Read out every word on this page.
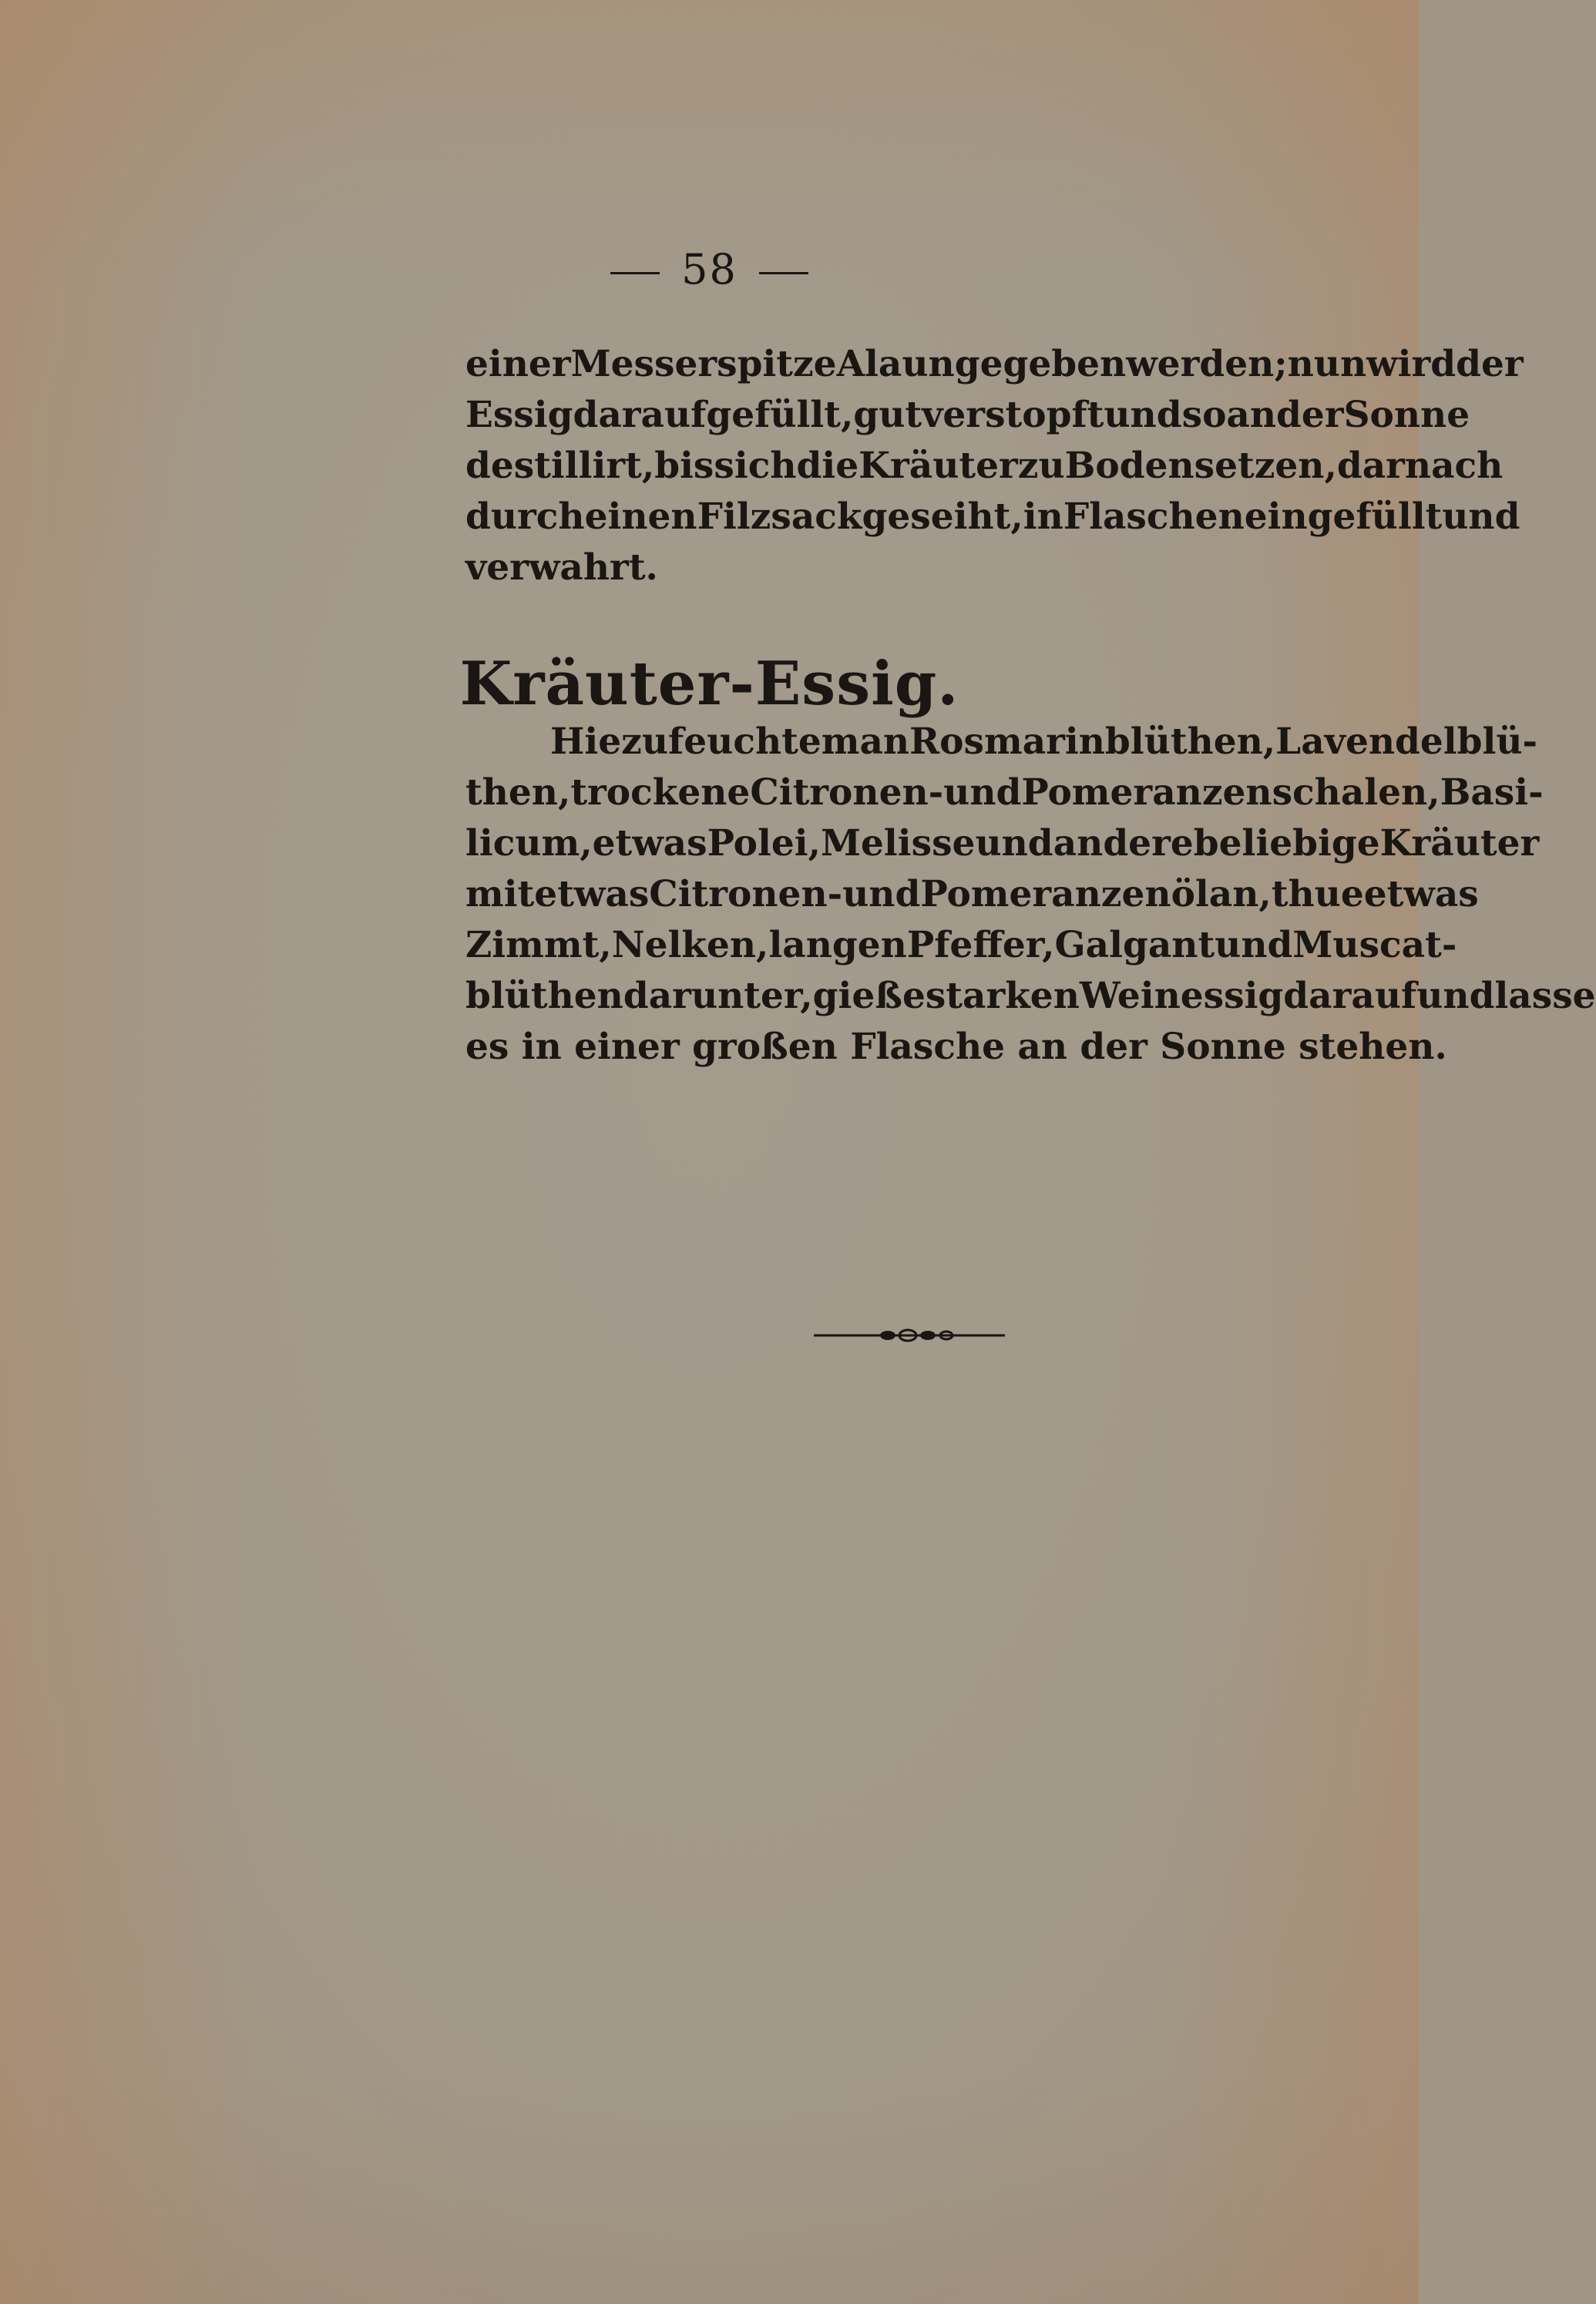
58
einer Messerspitze Alaun gegeben werden; nun wird der
Essig daraufgefüllt, gut verstopft und so an der Sonne
destillirt, bis sich die Kräuter zu Boden setzen, darnach
durch einen Filzsack geseiht, in Flaschen eingefüllt und
verwahrt.
Kräuter-Essig.
Hiezu feuchte man Rosmarinblüthen, Lavendelblü-
then, trockene Citronen- und Pomeranzenschalen, Basi-
licum, etwas Polei, Melisse und andere beliebige Kräuter
mit etwas Citronen- und Pomeranzenöl an, thue etwas
Zimmt, Nelken, langen Pfeffer, Galgant und Muscat-
blüthen darunter, gieße starken Weinessig darauf und lasse
es in einer großen Flasche an der Sonne stehen.
